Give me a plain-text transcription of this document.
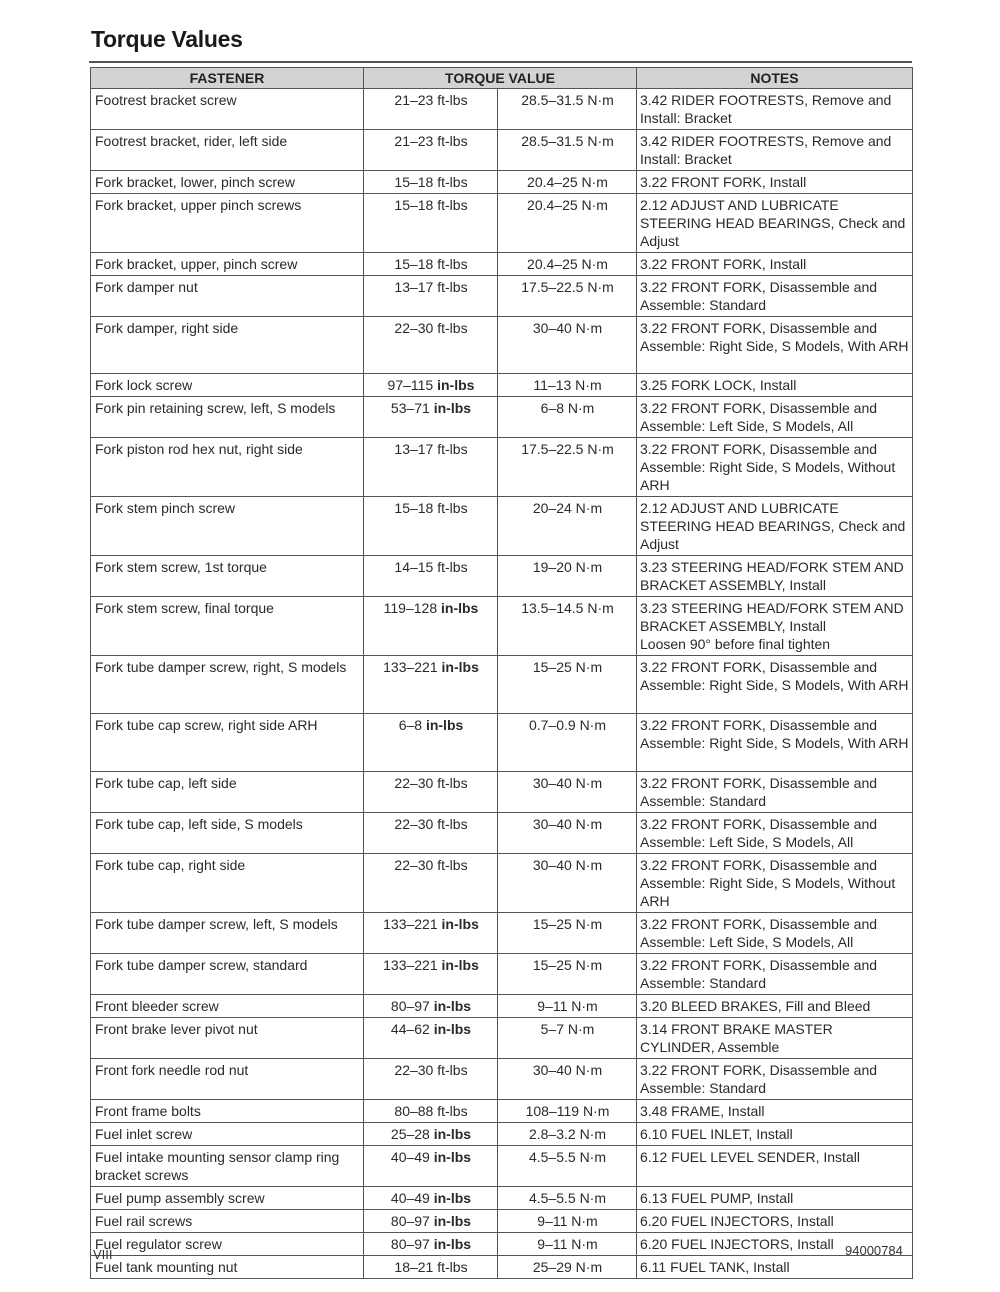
Torque Values
FASTENER	TORQUE VALUE		NOTES
Footrest bracket screw	21–23 ft-lbs	28.5–31.5 N·m	3.42 RIDER FOOTRESTS, Remove and Install: Bracket

Footrest bracket, rider, left side	21–23 ft-lbs	28.5–31.5 N·m	3.42 RIDER FOOTRESTS, Remove and Install: Bracket

Fork bracket, lower, pinch screw	15–18 ft-lbs	20.4–25 N·m	3.22 FRONT FORK, Install

Fork bracket, upper pinch screws	15–18 ft-lbs	20.4–25 N·m	2.12 ADJUST AND LUBRICATE STEERING HEAD BEARINGS, Check and Adjust

Fork bracket, upper, pinch screw	15–18 ft-lbs	20.4–25 N·m	3.22 FRONT FORK, Install

Fork damper nut	13–17 ft-lbs	17.5–22.5 N·m	3.22 FRONT FORK, Disassemble and Assemble: Standard

Fork damper, right side	22–30 ft-lbs	30–40 N·m	3.22 FRONT FORK, Disassemble and Assemble: Right Side, S Models, With ARH

Fork lock screw	97–115 in-lbs	11–13 N·m	3.25 FORK LOCK, Install

Fork pin retaining screw, left, S models	53–71 in-lbs	6–8 N·m	3.22 FRONT FORK, Disassemble and Assemble: Left Side, S Models, All

Fork piston rod hex nut, right side	13–17 ft-lbs	17.5–22.5 N·m	3.22 FRONT FORK, Disassemble and Assemble: Right Side, S Models, Without ARH

Fork stem pinch screw	15–18 ft-lbs	20–24 N·m	2.12 ADJUST AND LUBRICATE STEERING HEAD BEARINGS, Check and Adjust

Fork stem screw, 1st torque	14–15 ft-lbs	19–20 N·m	3.23 STEERING HEAD/FORK STEM AND BRACKET ASSEMBLY, Install

Fork stem screw, final torque	119–128 in-lbs	13.5–14.5 N·m	3.23 STEERING HEAD/FORK STEM AND BRACKET ASSEMBLY, Install
Loosen 90° before final tighten

Fork tube damper screw, right, S models	133–221 in-lbs	15–25 N·m	3.22 FRONT FORK, Disassemble and Assemble: Right Side, S Models, With ARH

Fork tube cap screw, right side ARH	6–8 in-lbs	0.7–0.9 N·m	3.22 FRONT FORK, Disassemble and Assemble: Right Side, S Models, With ARH

Fork tube cap, left side	22–30 ft-lbs	30–40 N·m	3.22 FRONT FORK, Disassemble and Assemble: Standard

Fork tube cap, left side, S models	22–30 ft-lbs	30–40 N·m	3.22 FRONT FORK, Disassemble and Assemble: Left Side, S Models, All

Fork tube cap, right side	22–30 ft-lbs	30–40 N·m	3.22 FRONT FORK, Disassemble and Assemble: Right Side, S Models, Without ARH

Fork tube damper screw, left, S models	133–221 in-lbs	15–25 N·m	3.22 FRONT FORK, Disassemble and Assemble: Left Side, S Models, All

Fork tube damper screw, standard	133–221 in-lbs	15–25 N·m	3.22 FRONT FORK, Disassemble and Assemble: Standard

Front bleeder screw	80–97 in-lbs	9–11 N·m	3.20 BLEED BRAKES, Fill and Bleed

Front brake lever pivot nut	44–62 in-lbs	5–7 N·m	3.14 FRONT BRAKE MASTER CYLINDER, Assemble

Front fork needle rod nut	22–30 ft-lbs	30–40 N·m	3.22 FRONT FORK, Disassemble and Assemble: Standard

Front frame bolts	80–88 ft-lbs	108–119 N·m	3.48 FRAME, Install

Fuel inlet screw	25–28 in-lbs	2.8–3.2 N·m	6.10 FUEL INLET, Install

Fuel intake mounting sensor clamp ring bracket screws	40–49 in-lbs	4.5–5.5 N·m	6.12 FUEL LEVEL SENDER, Install

Fuel pump assembly screw	40–49 in-lbs	4.5–5.5 N·m	6.13 FUEL PUMP, Install

Fuel rail screws	80–97 in-lbs	9–11 N·m	6.20 FUEL INJECTORS, Install

Fuel regulator screw	80–97 in-lbs	9–11 N·m	6.20 FUEL INJECTORS, Install

Fuel tank mounting nut	18–21 ft-lbs	25–29 N·m	6.11 FUEL TANK, Install
VIII	94000784
